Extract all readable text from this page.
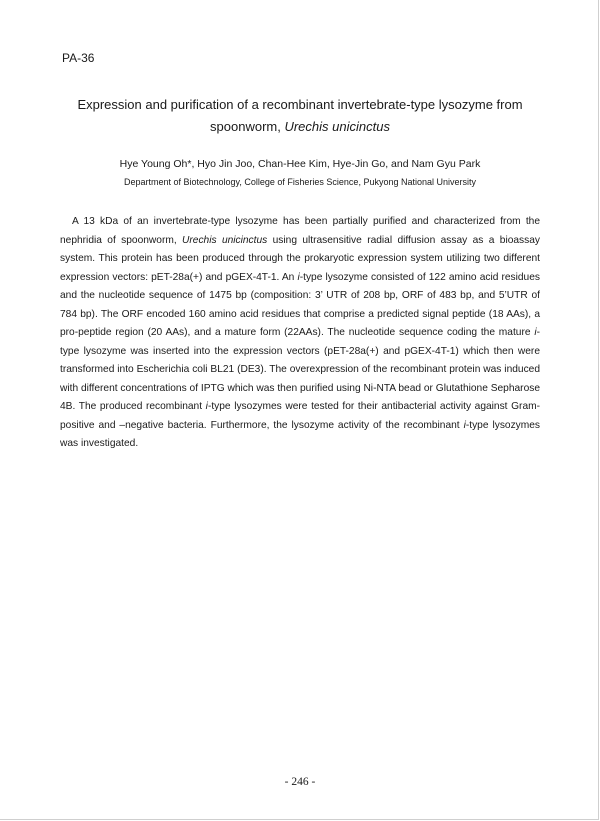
PA-36
Expression and purification of a recombinant invertebrate-type lysozyme from spoonworm, Urechis unicinctus
Hye Young Oh*, Hyo Jin Joo, Chan-Hee Kim, Hye-Jin Go, and Nam Gyu Park
Department of Biotechnology, College of Fisheries Science, Pukyong National University

A 13 kDa of an invertebrate-type lysozyme has been partially purified and characterized from the nephridia of spoonworm, Urechis unicinctus using ultrasensitive radial diffusion assay as a bioassay system. This protein has been produced through the prokaryotic expression system utilizing two different expression vectors: pET-28a(+) and pGEX-4T-1. An i-type lysozyme consisted of 122 amino acid residues and the nucleotide sequence of 1475 bp (composition: 3’ UTR of 208 bp, ORF of 483 bp, and 5’UTR of 784 bp). The ORF encoded 160 amino acid residues that comprise a predicted signal peptide (18 AAs), a pro-peptide region (20 AAs), and a mature form (22AAs). The nucleotide sequence coding the mature i-type lysozyme was inserted into the expression vectors (pET-28a(+) and pGEX-4T-1) which then were transformed into Escherichia coli BL21 (DE3). The overexpression of the recombinant protein was induced with different concentrations of IPTG which was then purified using Ni-NTA bead or Glutathione Sepharose 4B. The produced recombinant i-type lysozymes were tested for their antibacterial activity against Gram-positive and –negative bacteria. Furthermore, the lysozyme activity of the recombinant i-type lysozymes was investigated.

- 246 -
